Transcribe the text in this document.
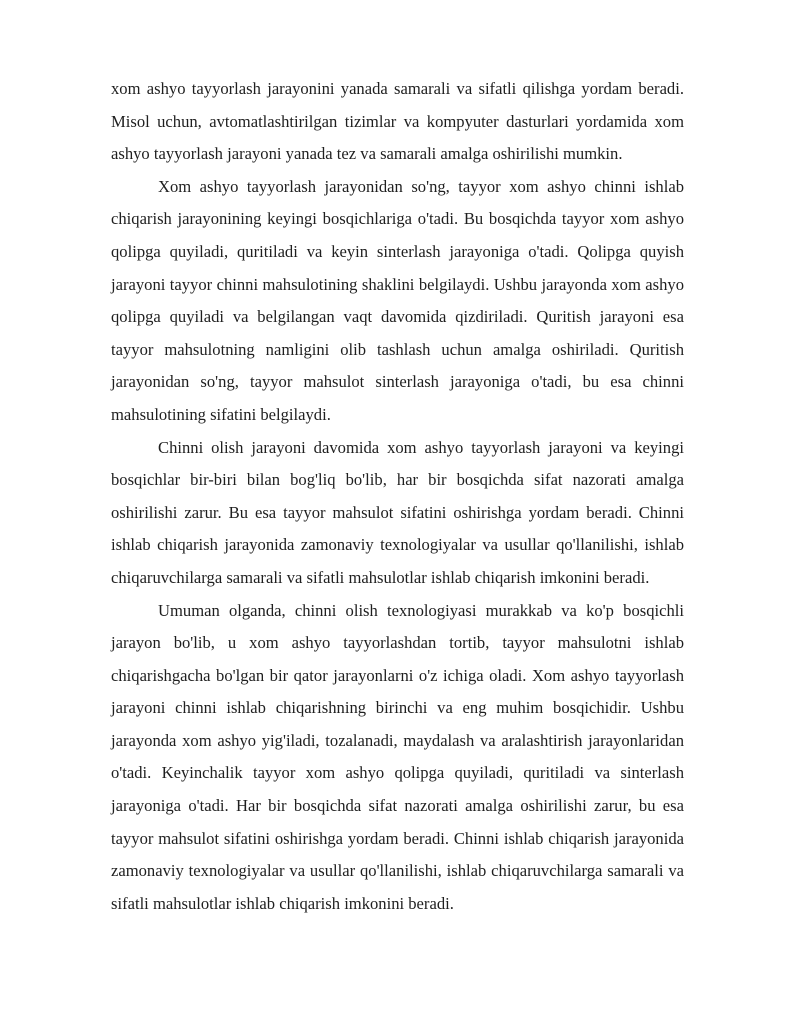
xom ashyo tayyorlash jarayonini yanada samarali va sifatli qilishga yordam beradi. Misol uchun, avtomatlashtirilgan tizimlar va kompyuter dasturlari yordamida xom ashyo tayyorlash jarayoni yanada tez va samarali amalga oshirilishi mumkin.

Xom ashyo tayyorlash jarayonidan so'ng, tayyor xom ashyo chinni ishlab chiqarish jarayonining keyingi bosqichlariga o'tadi. Bu bosqichda tayyor xom ashyo qolipga quyiladi, quritiladi va keyin sinterlash jarayoniga o'tadi. Qolipga quyish jarayoni tayyor chinni mahsulotining shaklini belgilaydi. Ushbu jarayonda xom ashyo qolipga quyiladi va belgilangan vaqt davomida qizdiriladi. Quritish jarayoni esa tayyor mahsulotning namligini olib tashlash uchun amalga oshiriladi. Quritish jarayonidan so'ng, tayyor mahsulot sinterlash jarayoniga o'tadi, bu esa chinni mahsulotining sifatini belgilaydi.

Chinni olish jarayoni davomida xom ashyo tayyorlash jarayoni va keyingi bosqichlar bir-biri bilan bog'liq bo'lib, har bir bosqichda sifat nazorati amalga oshirilishi zarur. Bu esa tayyor mahsulot sifatini oshirishga yordam beradi. Chinni ishlab chiqarish jarayonida zamonaviy texnologiyalar va usullar qo'llanilishi, ishlab chiqaruvchilarga samarali va sifatli mahsulotlar ishlab chiqarish imkonini beradi.

Umuman olganda, chinni olish texnologiyasi murakkab va ko'p bosqichli jarayon bo'lib, u xom ashyo tayyorlashdan tortib, tayyor mahsulotni ishlab chiqarishgacha bo'lgan bir qator jarayonlarni o'z ichiga oladi. Xom ashyo tayyorlash jarayoni chinni ishlab chiqarishning birinchi va eng muhim bosqichidir. Ushbu jarayonda xom ashyo yig'iladi, tozalanadi, maydalash va aralashtirish jarayonlaridan o'tadi. Keyinchalik tayyor xom ashyo qolipga quyiladi, quritiladi va sinterlash jarayoniga o'tadi. Har bir bosqichda sifat nazorati amalga oshirilishi zarur, bu esa tayyor mahsulot sifatini oshirishga yordam beradi. Chinni ishlab chiqarish jarayonida zamonaviy texnologiyalar va usullar qo'llanilishi, ishlab chiqaruvchilarga samarali va sifatli mahsulotlar ishlab chiqarish imkonini beradi.
